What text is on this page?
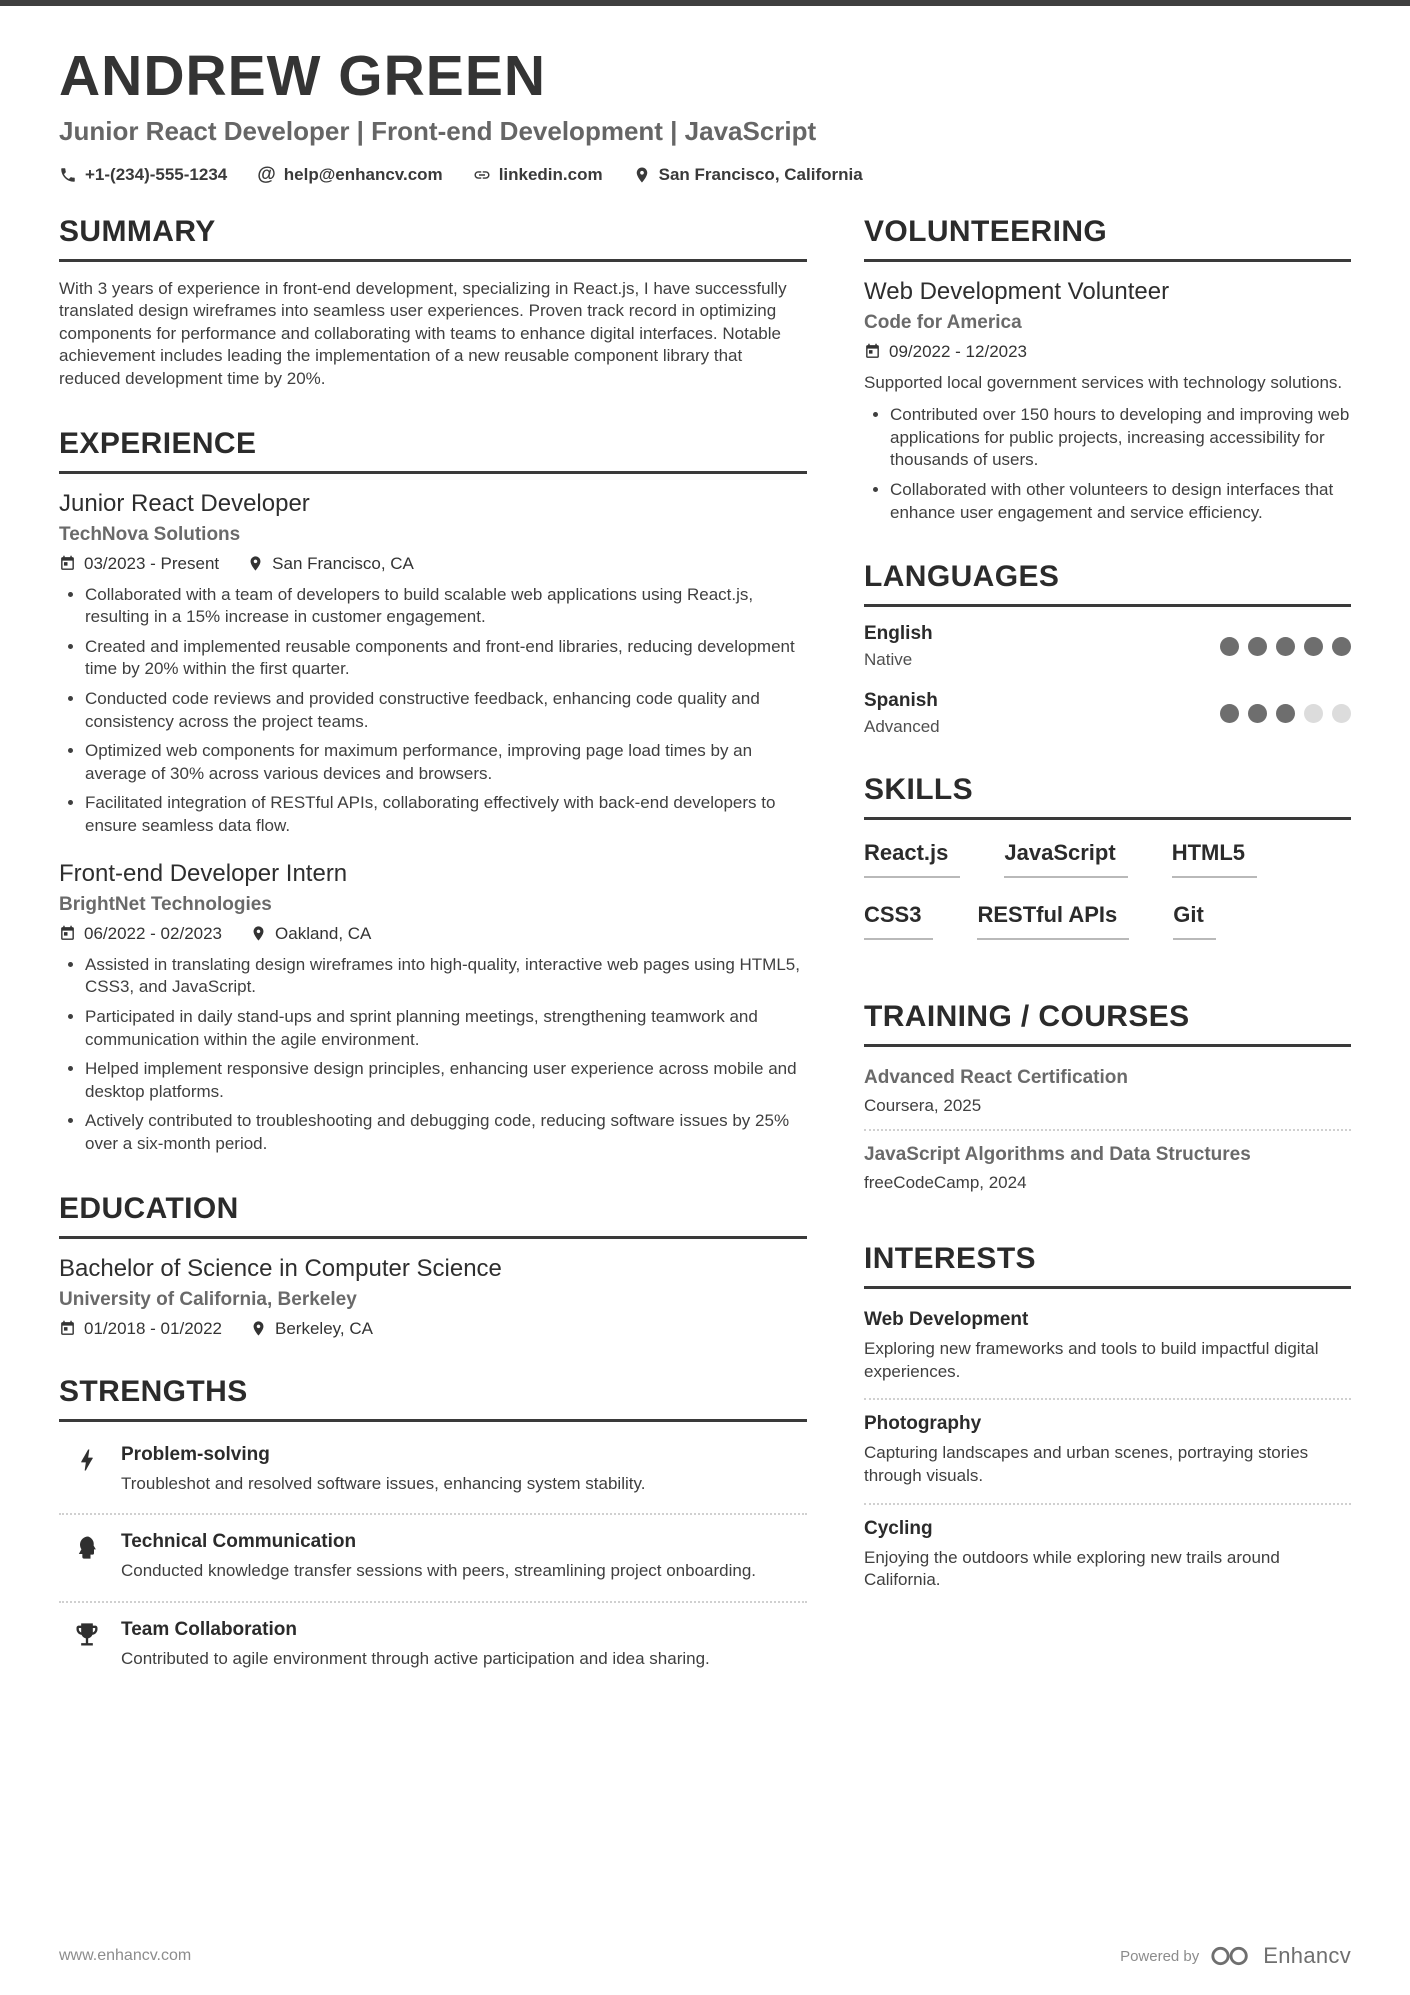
ANDREW GREEN
Junior React Developer | Front-end Development | JavaScript
+1-(234)-555-1234 @ help@enhancv.com	linkedin.com	San Francisco, California
SUMMARY

With 3 years of experience in front-end development, specializing in React.js, I have successfully translated design wireframes into seamless user experiences. Proven track record in optimizing components for performance and collaborating with teams to enhance digital interfaces. Notable achievement includes leading the implementation of a new reusable component library that reduced development time by 20%.

EXPERIENCE
Junior React Developer
TechNova Solutions
03/2023 - Present	San Francisco, CA
• Collaborated with a team of developers to build scalable web applications using React.js, resulting in a 15% increase in customer engagement.
• Created and implemented reusable components and front-end libraries, reducing development time by 20% within the first quarter.
• Conducted code reviews and provided constructive feedback, enhancing code quality and consistency across the project teams.
• Optimized web components for maximum performance, improving page load times by an average of 30% across various devices and browsers.
• Facilitated integration of RESTful APIs, collaborating effectively with back-end developers to ensure seamless data flow.
Front-end Developer Intern
BrightNet Technologies
06/2022 - 02/2023	Oakland, CA
• Assisted in translating design wireframes into high-quality, interactive web pages using HTML5, CSS3, and JavaScript.
• Participated in daily stand-ups and sprint planning meetings, strengthening teamwork and communication within the agile environment.
• Helped implement responsive design principles, enhancing user experience across mobile and desktop platforms.
• Actively contributed to troubleshooting and debugging code, reducing software issues by 25% over a six-month period.
EDUCATION
Bachelor of Science in Computer Science
University of California, Berkeley
01/2018 - 01/2022	Berkeley, CA
STRENGTHS
Problem-solving
Troubleshot and resolved software issues, enhancing system stability.
Technical Communication
Conducted knowledge transfer sessions with peers, streamlining project onboarding.
Team Collaboration
Contributed to agile environment through active participation and idea sharing.
VOLUNTEERING
Web Development Volunteer
Code for America
09/2022 - 12/2023

Supported local government services with technology solutions.

• Contributed over 150 hours to developing and improving web applications for public projects, increasing accessibility for thousands of users.
• Collaborated with other volunteers to design interfaces that enhance user engagement and service efficiency.
LANGUAGES
English
Native
Spanish
Advanced
SKILLS
React.js	JavaScript	HTML5
CSS3	RESTful APIs	Git
TRAINING / COURSES
Advanced React Certification
Coursera, 2025
JavaScript Algorithms and Data Structures
freeCodeCamp, 2024
INTERESTS
Web Development
Exploring new frameworks and tools to build impactful digital experiences.
Photography
Capturing landscapes and urban scenes, portraying stories through visuals.
Cycling
Enjoying the outdoors while exploring new trails around California.
www.enhancv.com	Powered by	Enhancv
